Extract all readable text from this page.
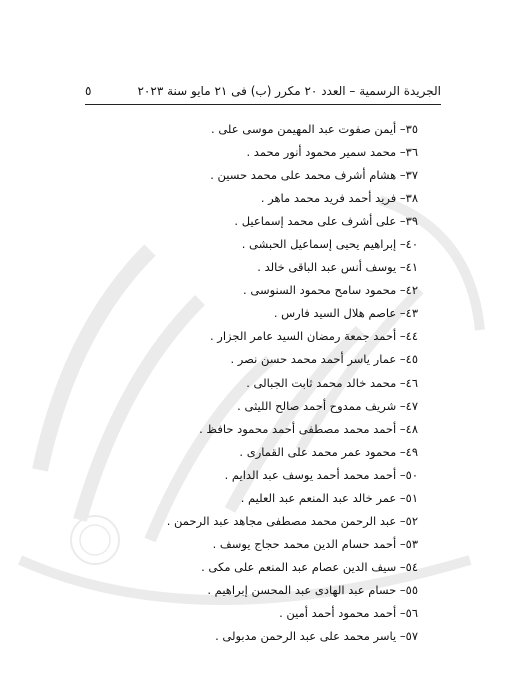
الجريدة الرسمية – العدد ٢٠ مكرر (ب) فى ٢١ مايو سنة ٢٠٢٣
٥
٣٥– أيمن صفوت عبد المهيمن موسى على .
٣٦– محمد سمير محمود أنور محمد .
٣٧– هشام أشرف محمد على محمد حسين .
٣٨– فريد أحمد فريد محمد ماهر .
٣٩– على أشرف على محمد إسماعيل .
٤٠– إبراهيم يحيى إسماعيل الحبشى .
٤١– يوسف أنس عبد الباقى خالد .
٤٢– محمود سامح محمود السنوسى .
٤٣– عاصم هلال السيد فارس .
٤٤– أحمد جمعة رمضان السيد عامر الجزار .
٤٥– عمار ياسر أحمد محمد حسن نصر .
٤٦– محمد خالد محمد ثابت الجبالى .
٤٧– شريف ممدوح أحمد صالح الليثى .
٤٨– أحمد محمد مصطفى أحمد محمود حافظ .
٤٩– محمود عمر محمد على القمارى .
٥٠– أحمد محمد أحمد يوسف عبد الدايم .
٥١– عمر خالد عبد المنعم عبد العليم .
٥٢– عبد الرحمن محمد مصطفى مجاهد عبد الرحمن .
٥٣– أحمد حسام الدين محمد حجاج يوسف .
٥٤– سيف الدين عصام عبد المنعم على مكى .
٥٥– حسام عبد الهادى عبد المحسن إبراهيم .
٥٦– أحمد محمود أحمد أمين .
٥٧– ياسر محمد على عبد الرحمن مدبولى .
